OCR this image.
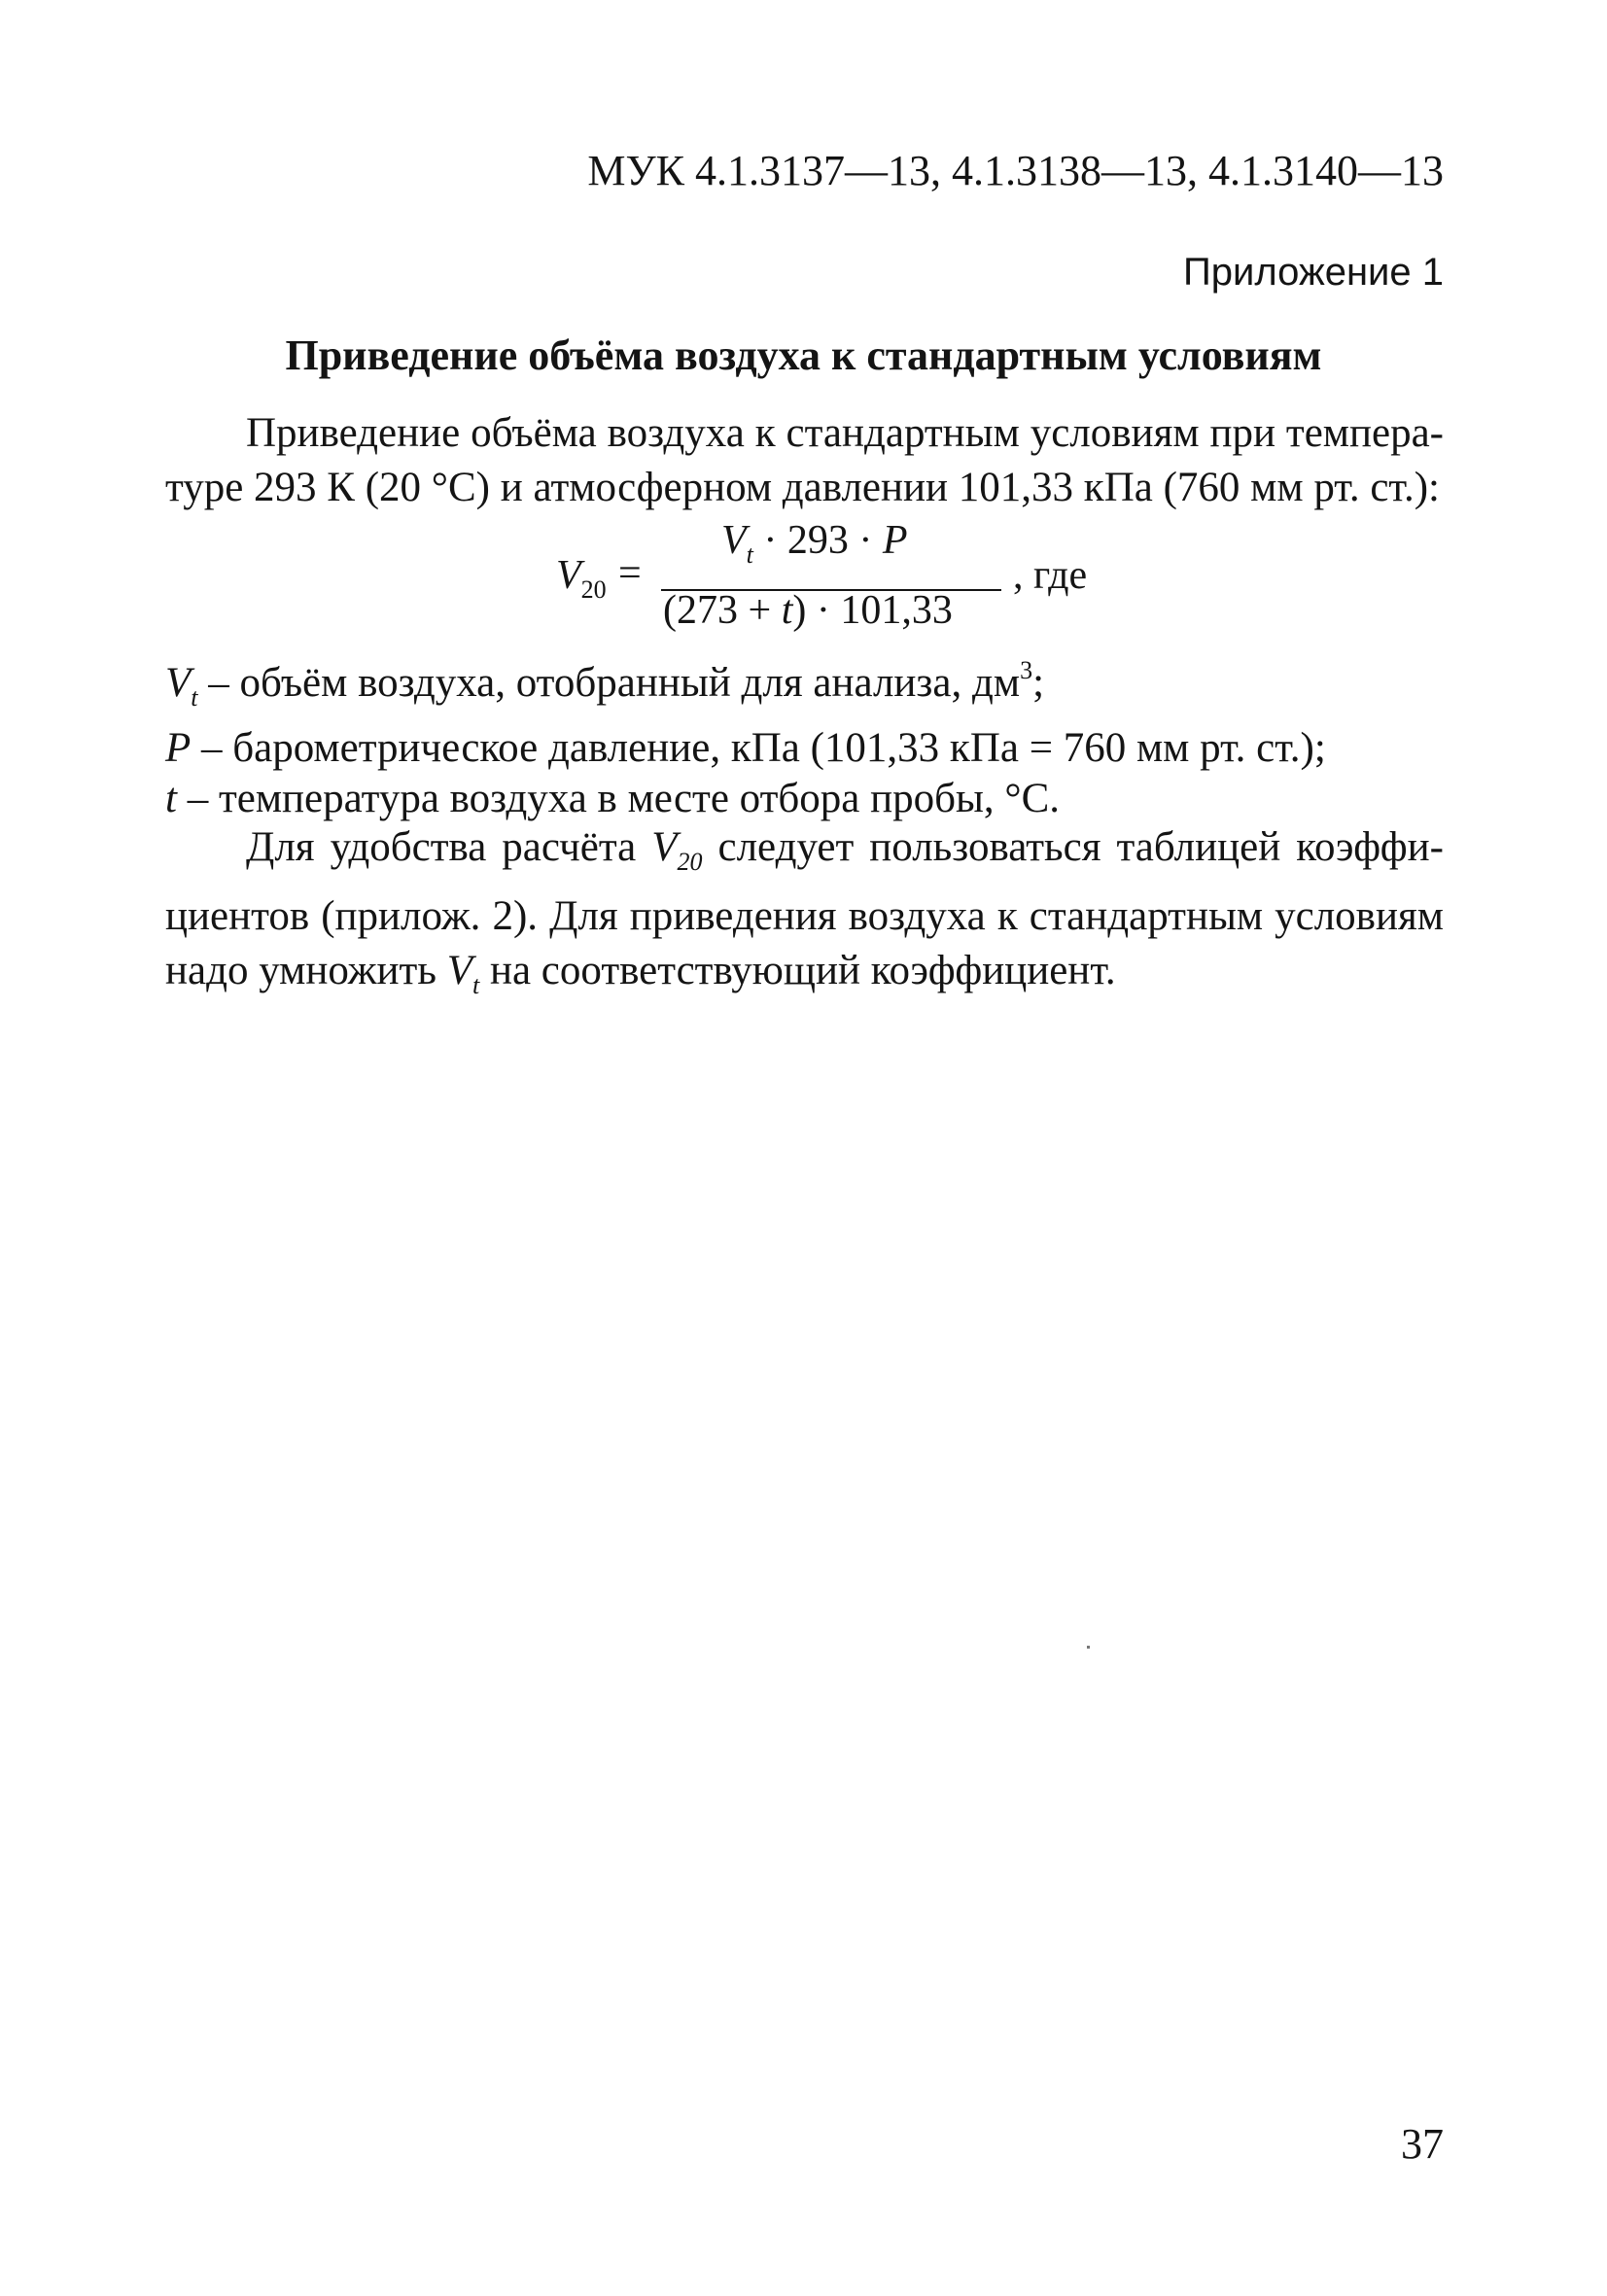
МУК 4.1.3137—13, 4.1.3138—13, 4.1.3140—13
Приложение 1
Приведение объёма воздуха к стандартным условиям
Приведение объёма воздуха к стандартным условиям при темпера-
туре 293 К (20 °С) и атмосферном давлении 101,33 кПа (760 мм рт. ст.):
$V_{20}$ =
$V_t \cdot 293 \cdot P$
(273 + t) · 101,33
, где
$V_t$ – объём воздуха, отобранный для анализа, $дм^3$;
P – барометрическое давление, кПа (101,33 кПа = 760 мм рт. ст.);
t – температура воздуха в месте отбора пробы, °С.
Для удобства расчёта $V_{20}$ следует пользоваться таблицей коэффи-
циентов (прилож. 2). Для приведения воздуха к стандартным условиям
надо умножить $V_t$ на соответствующий коэффициент.
37
